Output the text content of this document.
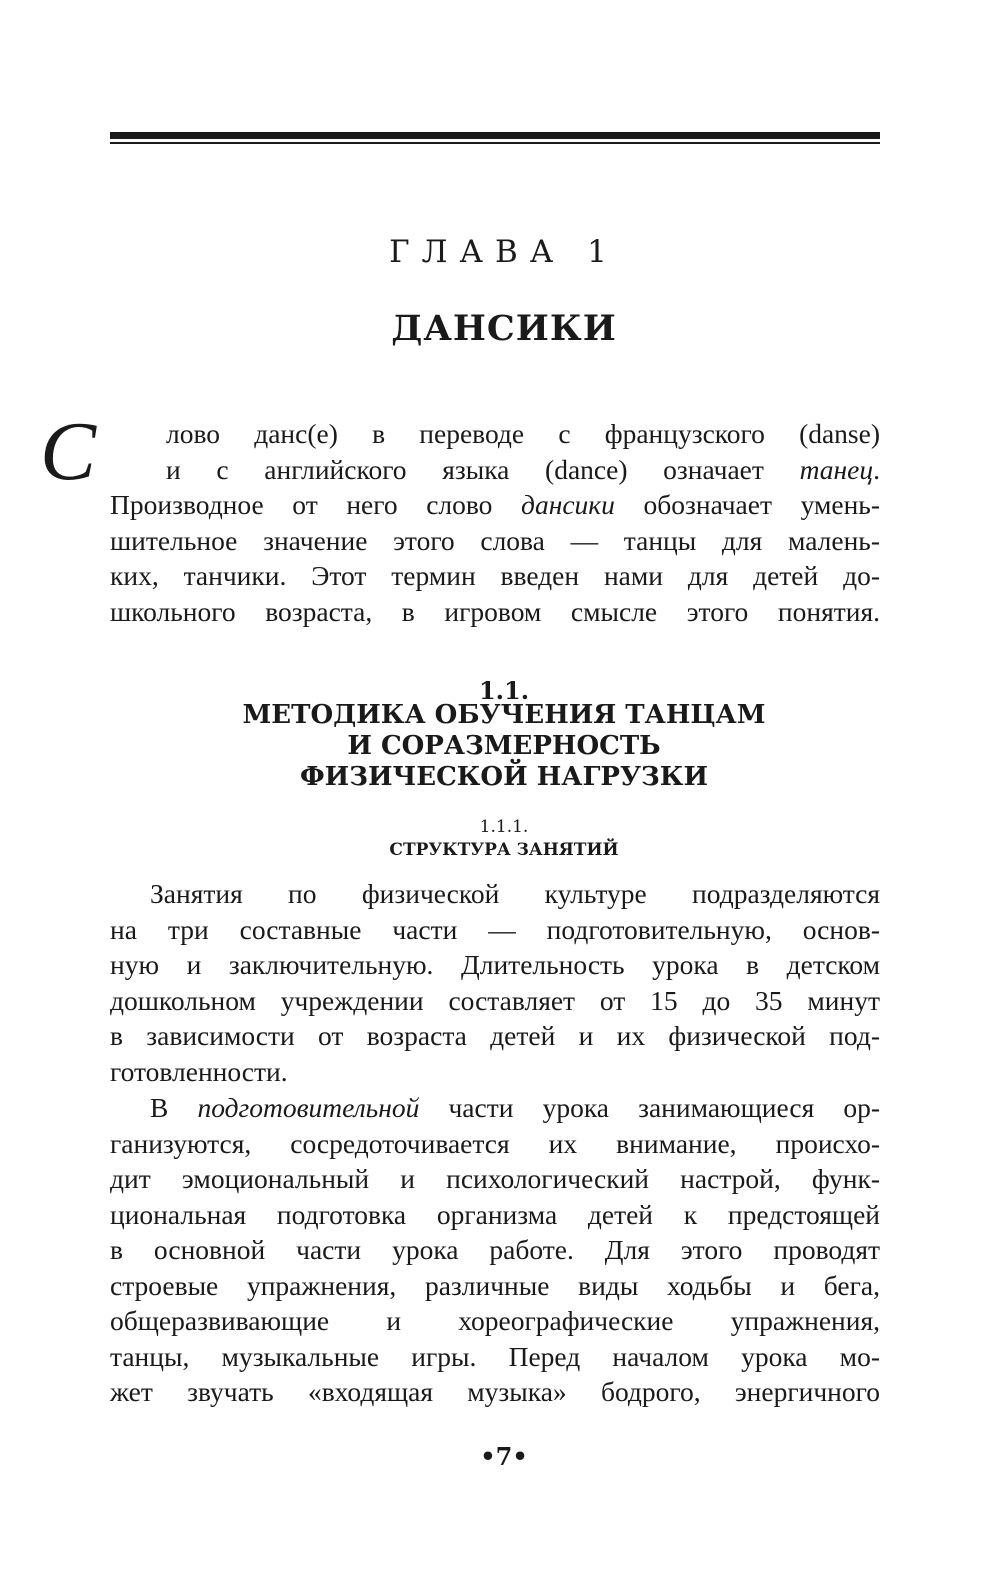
ГЛАВА 1
ДАНСИКИ
С	лово данс(е) в переводе с французского (danse)
и с английского языка (dance) означает танец.
Производное от него слово дансики обозначает умень-
шительное значение этого слова — танцы для малень-
ких, танчики. Этот термин введен нами для детей до-
школьного возраста, в игровом смысле этого понятия.
1.1.
МЕТОДИКА ОБУЧЕНИЯ ТАНЦАМ
И СОРАЗМЕРНОСТЬ
ФИЗИЧЕСКОЙ НАГРУЗКИ
1.1.1.
СТРУКТУРА ЗАНЯТИЙ
Занятия по физической культуре подразделяются
на три составные части — подготовительную, основ-
ную и заключительную. Длительность урока в детском
дошкольном учреждении составляет от 15 до 35 минут
в зависимости от возраста детей и их физической под-
готовленности.
В подготовительной части урока занимающиеся ор-
ганизуются, сосредоточивается их внимание, происхо-
дит эмоциональный и психологический настрой, функ-
циональная подготовка организма детей к предстоящей
в основной части урока работе. Для этого проводят
строевые упражнения, различные виды ходьбы и бега,
общеразвивающие и хореографические упражнения,
танцы, музыкальные игры. Перед началом урока мо-
жет звучать «входящая музыка» бодрого, энергичного
•7•
